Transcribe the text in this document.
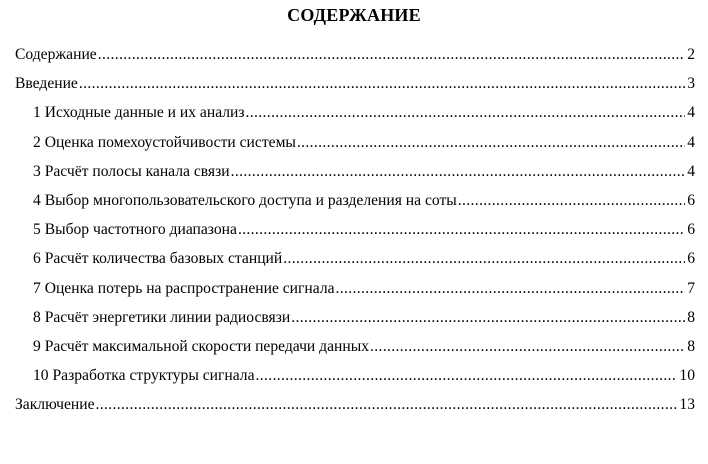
СОДЕРЖАНИЕ
Содержание .....	2
Введение .....	3
1 Исходные данные и их анализ .....	4
2 Оценка помехоустойчивости системы .....	4
3 Расчёт полосы канала связи .....	4
4 Выбор многопользовательского доступа и разделения на соты .....	6
5 Выбор частотного диапазона .....	6
6 Расчёт количества базовых станций .....	6
7 Оценка потерь на распространение сигнала .....	7
8 Расчёт энергетики линии радиосвязи .....	8
9 Расчёт максимальной скорости передачи данных .....	8
10 Разработка структуры сигнала .....	10
Заключение .....	13
